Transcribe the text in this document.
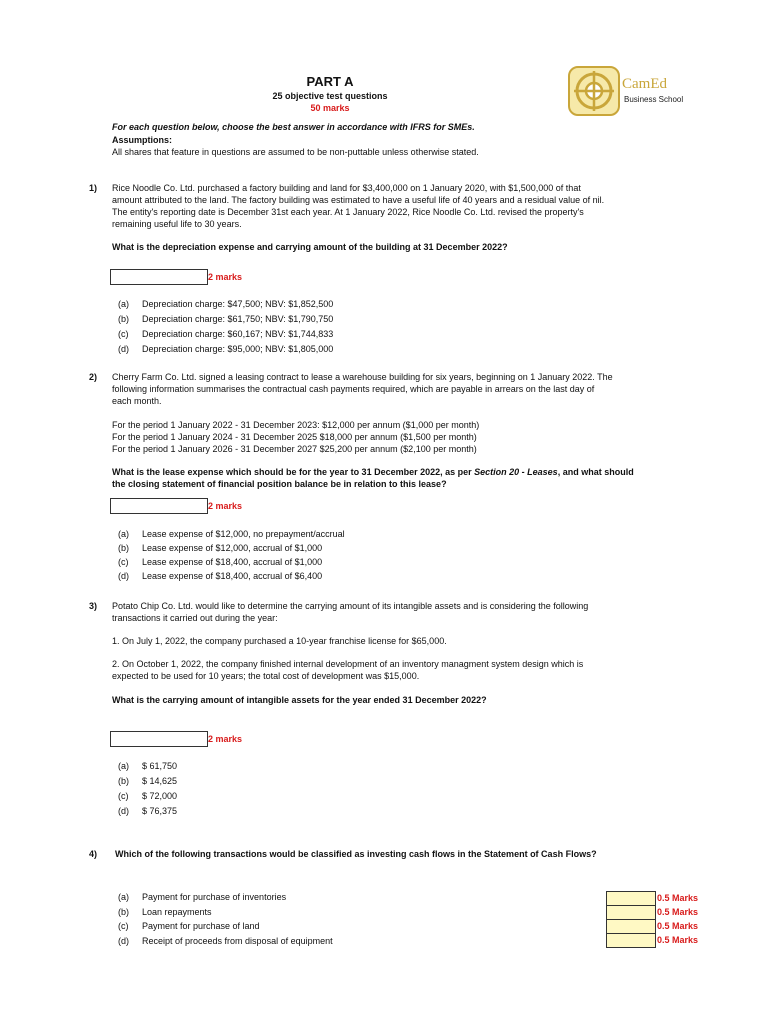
PART A
25 objective test questions
50 marks
CamEd
Business School
For each question below, choose the best answer in accordance with IFRS for SMEs.
Assumptions:
All shares that feature in questions are assumed to be non-puttable unless otherwise stated.
1) Rice Noodle Co. Ltd. purchased a factory building and land for $3,400,000 on 1 January 2020, with $1,500,000 of that
amount attributed to the land. The factory building was estimated to have a useful life of 40 years and a residual value of nil.
The entity's reporting date is December 31st each year. At 1 January 2022, Rice Noodle Co. Ltd. revised the property's
remaining useful life to 30 years.
What is the depreciation expense and carrying amount of the building at 31 December 2022?
2 marks
(a) Depreciation charge: $47,500; NBV: $1,852,500
(b) Depreciation charge: $61,750; NBV: $1,790,750
(c) Depreciation charge: $60,167; NBV: $1,744,833
(d) Depreciation charge: $95,000; NBV: $1,805,000
2) Cherry Farm Co. Ltd. signed a leasing contract to lease a warehouse building for six years, beginning on 1 January 2022. The
following information summarises the contractual cash payments required, which are payable in arrears on the last day of
each month.
For the period 1 January 2022 - 31 December 2023: $12,000 per annum ($1,000 per month)
For the period 1 January 2024 - 31 December 2025 $18,000 per annum ($1,500 per month)
For the period 1 January 2026 - 31 December 2027 $25,200 per annum ($2,100 per month)
What is the lease expense which should be for the year to 31 December 2022, as per Section 20 - Leases, and what should
the closing statement of financial position balance be in relation to this lease?
2 marks
(a) Lease expense of $12,000, no prepayment/accrual
(b) Lease expense of $12,000, accrual of $1,000
(c) Lease expense of $18,400, accrual of $1,000
(d) Lease expense of $18,400, accrual of $6,400
3) Potato Chip Co. Ltd. would like to determine the carrying amount of its intangible assets and is considering the following
transactions it carried out during the year:
1. On July 1, 2022, the company purchased a 10-year franchise license for $65,000.
2. On October 1, 2022, the company finished internal development of an inventory managment system design which is
expected to be used for 10 years; the total cost of development was $15,000.
What is the carrying amount of intangible assets for the year ended 31 December 2022?
2 marks
(a) $ 61,750
(b) $ 14,625
(c) $ 72,000
(d) $ 76,375
4) Which of the following transactions would be classified as investing cash flows in the Statement of Cash Flows?
(a) Payment for purchase of inventories
(b) Loan repayments
(c) Payment for purchase of land
(d) Receipt of proceeds from disposal of equipment
0.5 Marks
0.5 Marks
0.5 Marks
0.5 Marks
